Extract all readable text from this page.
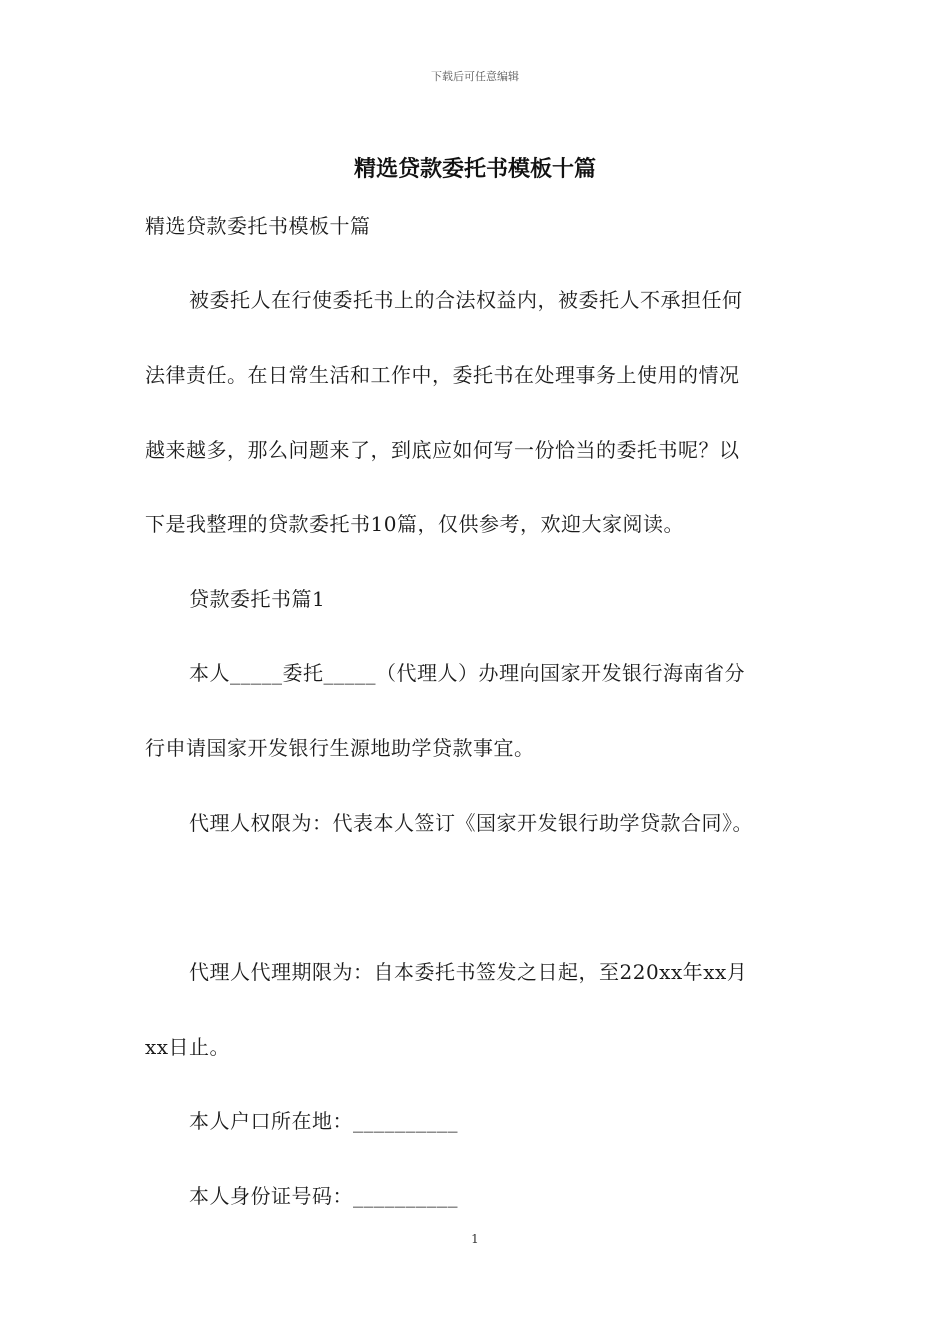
下载后可任意编辑
精选贷款委托书模板十篇
精选贷款委托书模板十篇
被委托人在行使委托书上的合法权益内，被委托人不承担任何
法律责任。在日常生活和工作中，委托书在处理事务上使用的情况
越来越多，那么问题来了，到底应如何写一份恰当的委托书呢？以
下是我整理的贷款委托书10篇，仅供参考，欢迎大家阅读。
贷款委托书篇1
本人_____委托_____（代理人）办理向国家开发银行海南省分
行申请国家开发银行生源地助学贷款事宜。
代理人权限为：代表本人签订《国家开发银行助学贷款合同》。
代理人代理期限为：自本委托书签发之日起，至220xx年xx月
xx日止。
本人户口所在地：__________
本人身份证号码：__________
1
